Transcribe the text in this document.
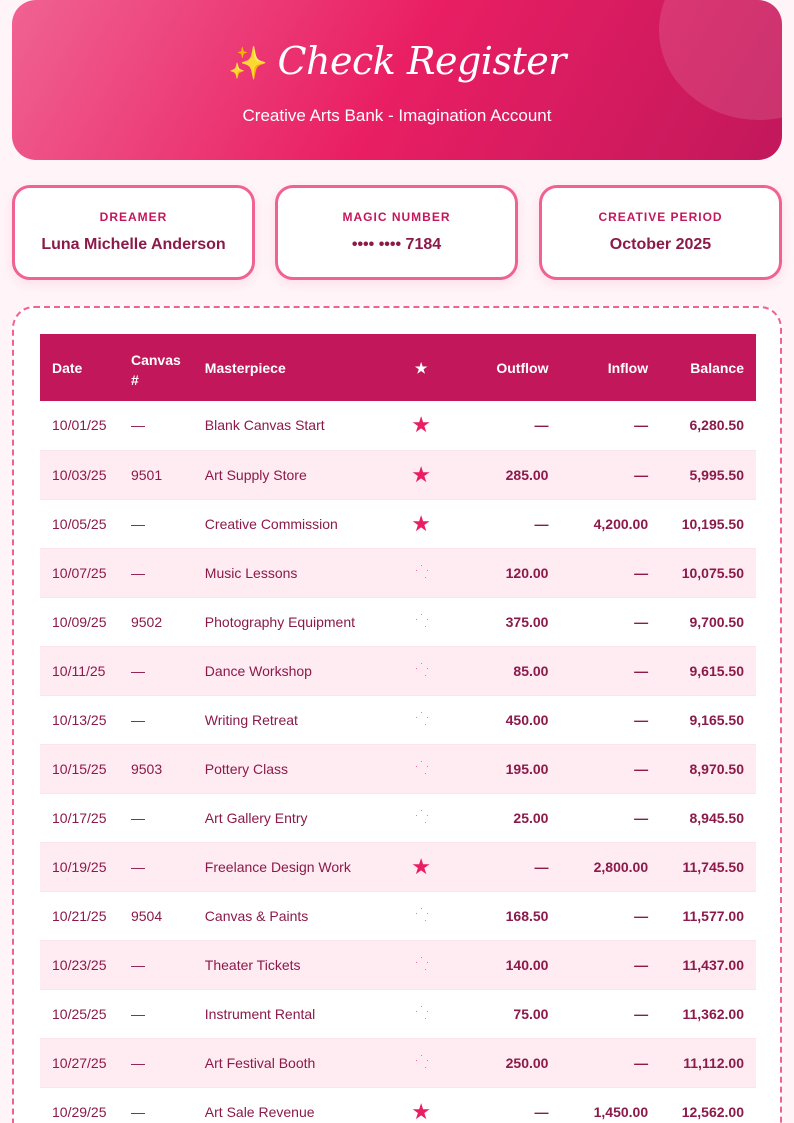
✨ Check Register
Creative Arts Bank - Imagination Account
DREAMER
Luna Michelle Anderson
MAGIC NUMBER
•••• •••• 7184
CREATIVE PERIOD
October 2025
Date	Canvas #	Masterpiece	★	Outflow	Inflow	Balance
10/01/25	—	Blank Canvas Start	★	—	—	6,280.50
10/03/25	9501	Art Supply Store	★	285.00	—	5,995.50
10/05/25	—	Creative Commission	★	—	4,200.00	10,195.50
10/07/25	—	Music Lessons		120.00	—	10,075.50
10/09/25	9502	Photography Equipment		375.00	—	9,700.50
10/11/25	—	Dance Workshop		85.00	—	9,615.50
10/13/25	—	Writing Retreat		450.00	—	9,165.50
10/15/25	9503	Pottery Class		195.00	—	8,970.50
10/17/25	—	Art Gallery Entry		25.00	—	8,945.50
10/19/25	—	Freelance Design Work	★	—	2,800.00	11,745.50
10/21/25	9504	Canvas & Paints		168.50	—	11,577.00
10/23/25	—	Theater Tickets		140.00	—	11,437.00
10/25/25	—	Instrument Rental		75.00	—	11,362.00
10/27/25	—	Art Festival Booth		250.00	—	11,112.00
10/29/25	—	Art Sale Revenue	★	—	1,450.00	12,562.00
